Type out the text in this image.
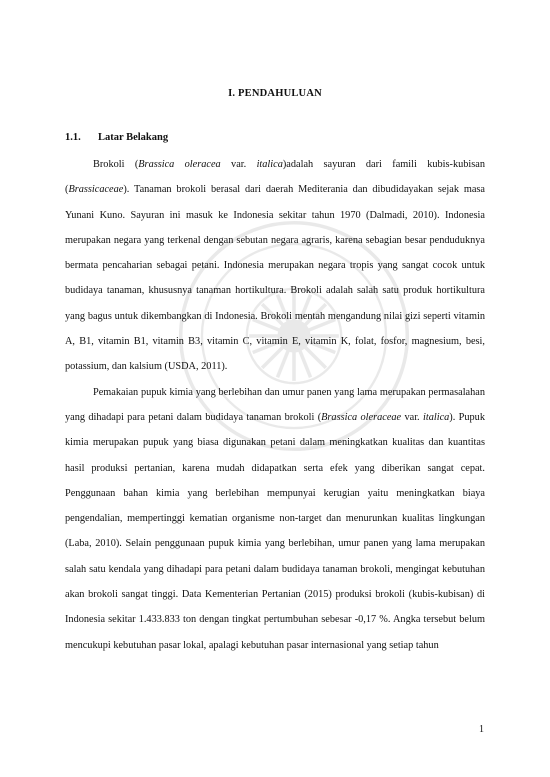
I. PENDAHULUAN
1.1. Latar Belakang

Brokoli (Brassica oleracea var. italica)adalah sayuran dari famili kubis-kubisan (Brassicaceae). Tanaman brokoli berasal dari daerah Mediterania dan dibudidayakan sejak masa Yunani Kuno. Sayuran ini masuk ke Indonesia sekitar tahun 1970 (Dalmadi, 2010). Indonesia merupakan negara yang terkenal dengan sebutan negara agraris, karena sebagian besar penduduknya bermata pencaharian sebagai petani. Indonesia merupakan negara tropis yang sangat cocok untuk budidaya tanaman, khususnya tanaman hortikultura. Brokoli adalah salah satu produk hortikultura yang bagus untuk dikembangkan di Indonesia. Brokoli mentah mengandung nilai gizi seperti vitamin A, B1, vitamin B1, vitamin B3, vitamin C, vitamin E, vitamin K, folat, fosfor, magnesium, besi, potassium, dan kalsium (USDA, 2011).

Pemakaian pupuk kimia yang berlebihan dan umur panen yang lama merupakan permasalahan yang dihadapi para petani dalam budidaya tanaman brokoli (Brassica oleraceae var. italica). Pupuk kimia merupakan pupuk yang biasa digunakan petani dalam meningkatkan kualitas dan kuantitas hasil produksi pertanian, karena mudah didapatkan serta efek yang diberikan sangat cepat. Penggunaan bahan kimia yang berlebihan mempunyai kerugian yaitu meningkatkan biaya pengendalian, mempertinggi kematian organisme non-target dan menurunkan kualitas lingkungan (Laba, 2010). Selain penggunaan pupuk kimia yang berlebihan, umur panen yang lama merupakan salah satu kendala yang dihadapi para petani dalam budidaya tanaman brokoli, mengingat kebutuhan akan brokoli sangat tinggi. Data Kementerian Pertanian (2015) produksi brokoli (kubis-kubisan) di Indonesia sekitar 1.433.833 ton dengan tingkat pertumbuhan sebesar -0,17 %. Angka tersebut belum mencukupi kebutuhan pasar lokal, apalagi kebutuhan pasar internasional yang setiap tahun

1
